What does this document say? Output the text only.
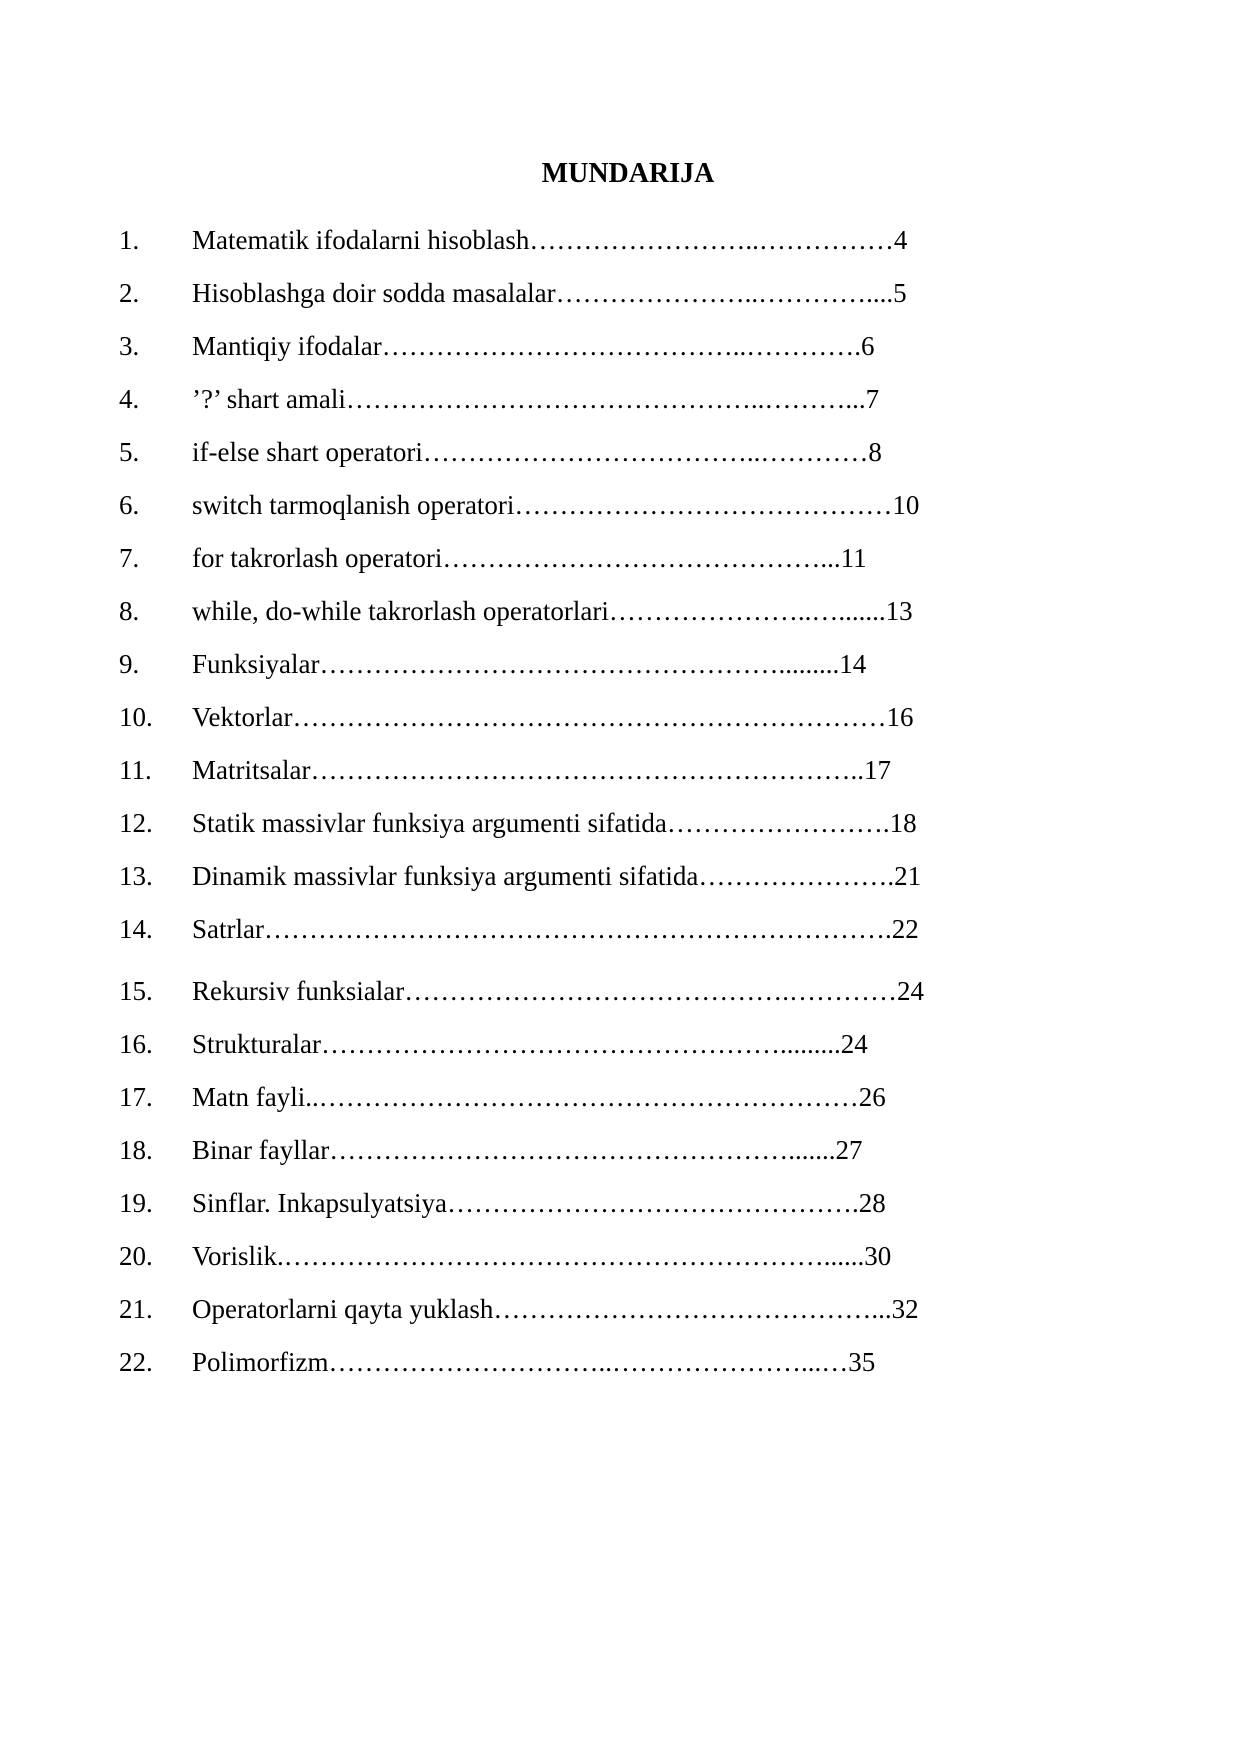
MUNDARIJA
1.	Matematik ifodalarni hisoblash ……………………..…………… 4
2.	Hisoblashga doir sodda masalalar …………………..………….... 5
3.	Mantiqiy ifodalar …………………………………..…………. 6
4.	’?’ shart amali ………………………………………..………... 7
5.	if-else shart operatori ………………………………..………… 8
6.	switch tarmoqlanish operatori …………………………………… 10
7.	for takrorlash operatori ……………………………………... 11
8.	while, do-while takrorlash operatorlari …………………..…....... 13
9.	Funksiyalar ……………………………………………......... 14
10.	Vektorlar ………………………………………………………… 16
11.	Matritsalar …………………………………………………….. 17
12.	Statik massivlar funksiya argumenti sifatida ……………………. 18
13.	Dinamik massivlar funksiya argumenti sifatida …………………. 21
14.	Satrlar ……………………………………………………………. 22
15.	Rekursiv funksialar …………………………………….………… 24
16.	Strukturalar ……………………………………………......... 24
17.	Matn fayli ..…………………………………………………… 26
18.	Binar fayllar ……………………………………………....... 27
19.	Sinflar. Inkapsulyatsiya ………………………………………. 28
20.	Vorislik. ……………………………………………………...... 30
21.	Operatorlarni qayta yuklash ……………………………………... 32
22.	Polimorfizm …………………………..…………………...… 35
